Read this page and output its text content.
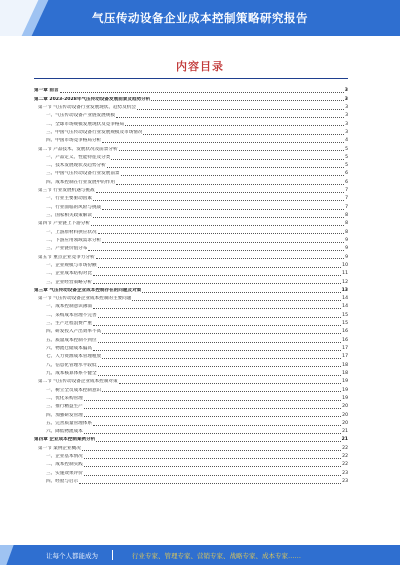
气压传动设备企业成本控制策略研究报告
内容目录
第一章 前言	3
第二章 2023-2028年气压传动设备发展前景及趋势分析	3
第一节 气压传动设备行业发展现状、趋势及机会	3
一、气压传动设备产业链发展规模	3
二、全球市场规模发展现状及竞争格局	3
三、中国气压传动设备行业发展规模及市场情况	3
四、中国市场竞争格局分析	4
第二节 产品技术、发展状况及前景分析	5
一、产品定义、性能特征及分类	5
二、技术发展现状及趋势分析	5
三、中国气压传动设备行业发展前景	6
四、成本控制在行业发展中的作用	6
第三节 行业发展机遇与挑战	7
一、行业主要驱动因素	7
二、行业面临的风险与挑战	7
三、国家相关政策解读	8
第四节 产业链上下游分析	8
一、上游原材料供应状况	8
二、下游应用领域需求分析	9
三、产业链价值分布	9
第五节 重点企业竞争力分析	9
一、企业规模与市场份额	10
二、企业成本结构对比	11
三、企业经营策略分析	12
第三章 气压传动设备企业成本控制存在的问题及对策	13
第一节 气压传动设备企业成本控制的主要问题	14
一、成本控制意识薄弱	14
二、采购成本管理不完善	15
三、生产过程浪费严重	15
四、研发投入产出效率不高	16
五、质量成本控制不到位	16
六、物流仓储成本偏高	17
七、人力资源成本管理粗放	17
八、信息化管理水平较低	18
九、成本核算体系不健全	18
第二节 气压传动设备企业成本控制对策	19
一、树立全员成本控制意识	19
二、优化采购管理	19
三、推行精益生产	20
四、加强研发管理	20
五、完善质量管理体系	20
六、降低物流成本	21
第四章 企业成本控制案例分析	21
第一节 案例企业概况	22
一、企业基本情况	22
二、成本控制实践	22
三、实施效果评价	23
四、经验与启示	23
让每个人都能成为	行业专家、管理专家、营销专家、战略专家、成本专家……
